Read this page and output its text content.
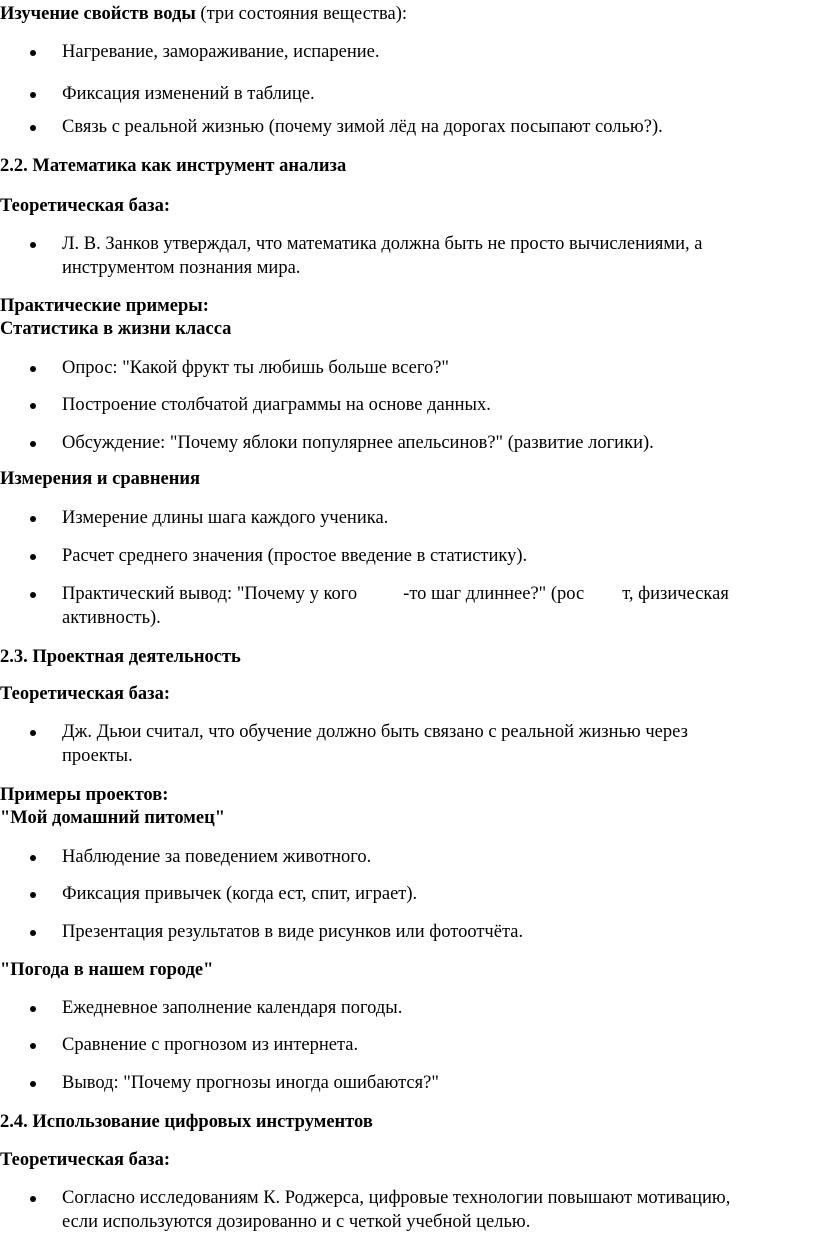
Изучение свойств воды (три состояния вещества):
Нагревание, замораживание, испарение.
Фиксация изменений в таблице.
Связь с реальной жизнью (почему зимой лёд на дорогах посыпают солью?).
2.2. Математика как инструмент анализа
Теоретическая база:
Л. В. Занков утверждал, что математика должна быть не просто вычислениями, а
инструментом познания мира.
Практические примеры:
Статистика в жизни класса
Опрос: "Какой фрукт ты любишь больше всего?"
Построение столбчатой диаграммы на основе данных.
Обсуждение: "Почему яблоки популярнее апельсинов?" (развитие логики).
Измерения и сравнения
Измерение длины шага каждого ученика.
Расчет среднего значения (простое введение в статистику).
Практический вывод: "Почему у кого -то шаг длиннее?" (рос т, физическая
активность).
2.3. Проектная деятельность
Теоретическая база:
Дж. Дьюи считал, что обучение должно быть связано с реальной жизнью через
проекты.
Примеры проектов:
"Мой домашний питомец"
Наблюдение за поведением животного.
Фиксация привычек (когда ест, спит, играет).
Презентация результатов в виде рисунков или фотоотчёта.
"Погода в нашем городе"
Ежедневное заполнение календаря погоды.
Сравнение с прогнозом из интернета.
Вывод: "Почему прогнозы иногда ошибаются?"
2.4. Использование цифровых инструментов
Теоретическая база:
Согласно исследованиям К. Роджерса, цифровые технологии повышают мотивацию,
если используются дозированно и с четкой учебной целью.
